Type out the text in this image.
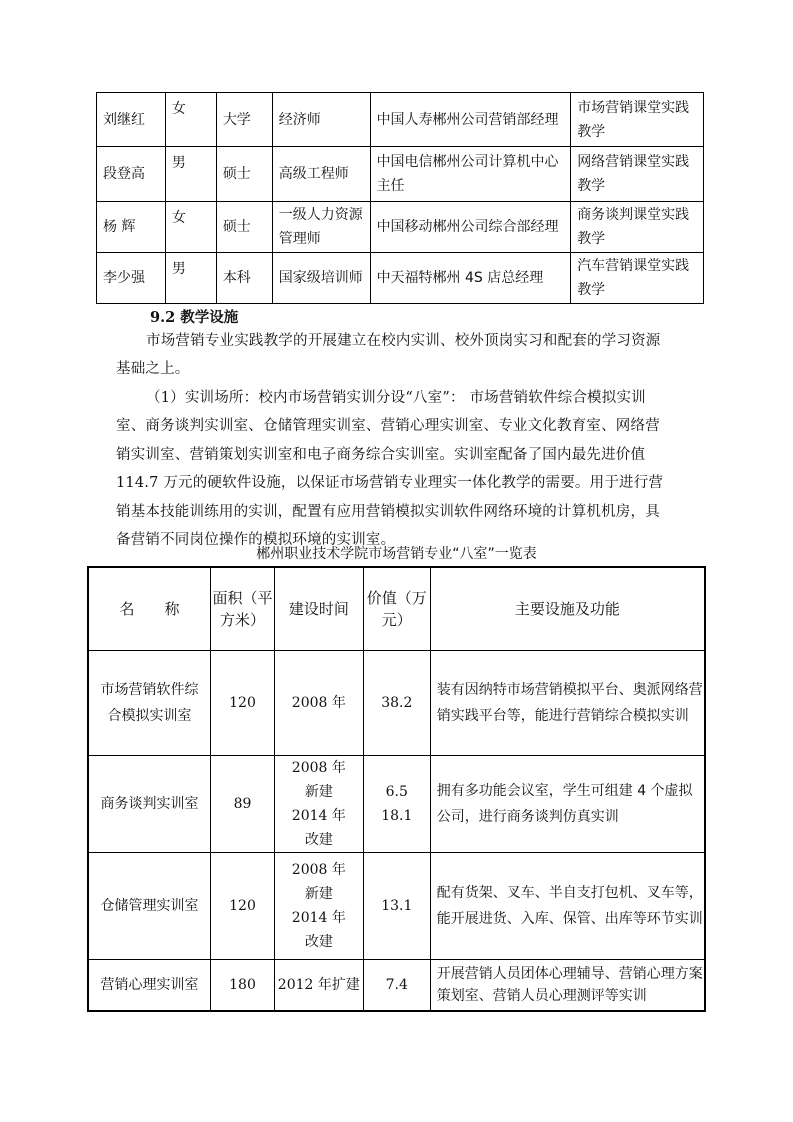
刘继红	女	大学	经济师	中国人寿郴州公司营销部经理	市场营销课堂实践教学
段登高	男	硕士	高级工程师	中国电信郴州公司计算机中心主任	网络营销课堂实践教学
杨 辉	女	硕士	一级人力资源管理师	中国移动郴州公司综合部经理	商务谈判课堂实践教学
李少强	男	本科	国家级培训师	中天福特郴州 4S 店总经理	汽车营销课堂实践教学
9.2 教学设施
市场营销专业实践教学的开展建立在校内实训、校外顶岗实习和配套的学习资源基础之上。
（1）实训场所：校内市场营销实训分设“八室”： 市场营销软件综合模拟实训室、商务谈判实训室、仓储管理实训室、营销心理实训室、专业文化教育室、网络营销实训室、营销策划实训室和电子商务综合实训室。实训室配备了国内最先进价值 114.7 万元的硬软件设施，以保证市场营销专业理实一体化教学的需要。用于进行营销基本技能训练用的实训，配置有应用营销模拟实训软件网络环境的计算机机房，具备营销不同岗位操作的模拟环境的实训室。
郴州职业技术学院市场营销专业“八室”一览表
名　　称	面积（平方米）	建设时间	价值（万元）	主要设施及功能
市场营销软件综合模拟实训室	120	2008 年	38.2	装有因纳特市场营销模拟平台、奥派网络营销实践平台等，能进行营销综合模拟实训
商务谈判实训室	89	2008 年新建 2014 年改建	6.5 18.1	拥有多功能会议室，学生可组建 4 个虚拟公司，进行商务谈判仿真实训
仓储管理实训室	120	2008 年新建 2014 年改建	13.1	配有货架、叉车、半自支打包机、叉车等，能开展进货、入库、保管、出库等环节实训
营销心理实训室	180	2012 年扩建	7.4	开展营销人员团体心理辅导、营销心理方案策划室、营销人员心理测评等实训
